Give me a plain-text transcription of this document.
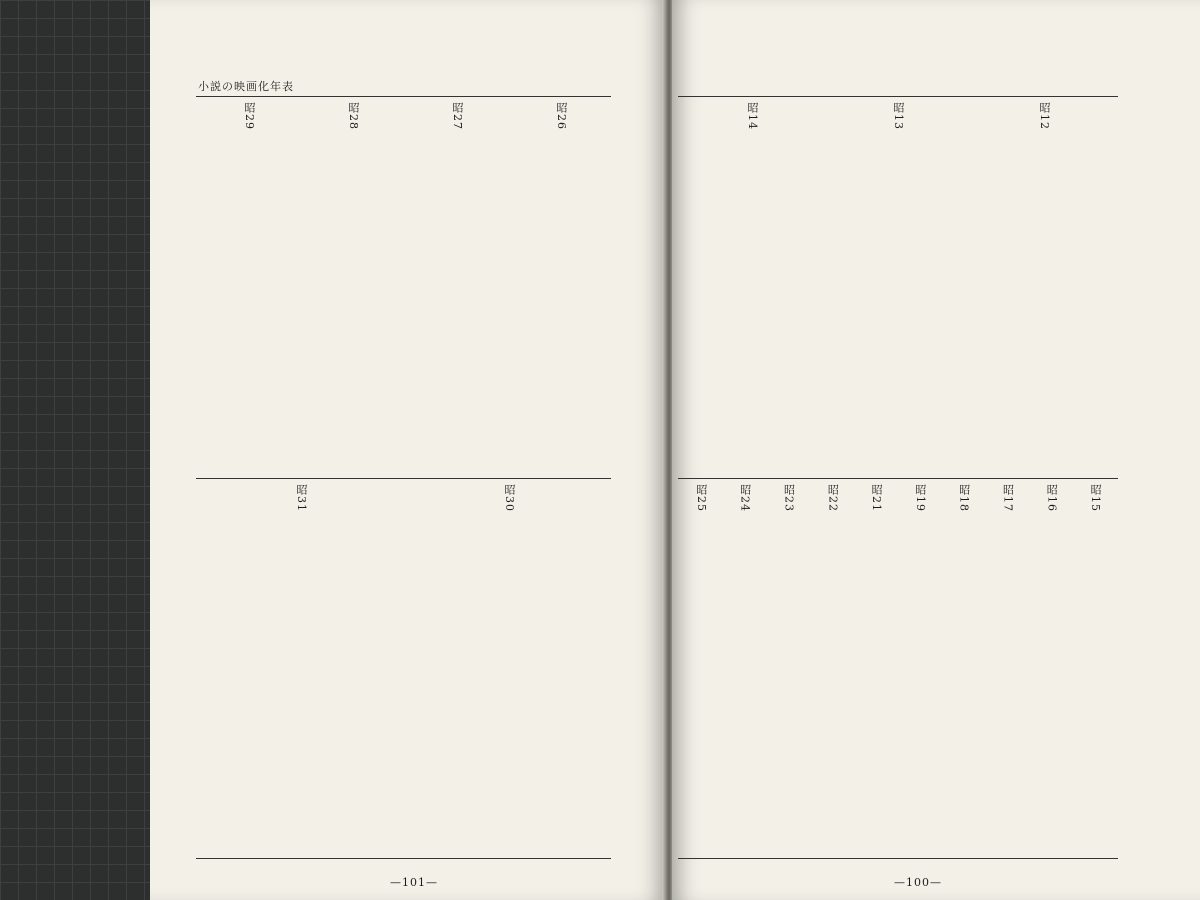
小説の映画化年表
昭26
昭27
昭28
昭29
昭30
昭31
—101—
昭12
昭13
昭14
昭15
昭16
昭17
昭18
昭19
昭21
昭22
昭23
昭24
昭25
—100—
